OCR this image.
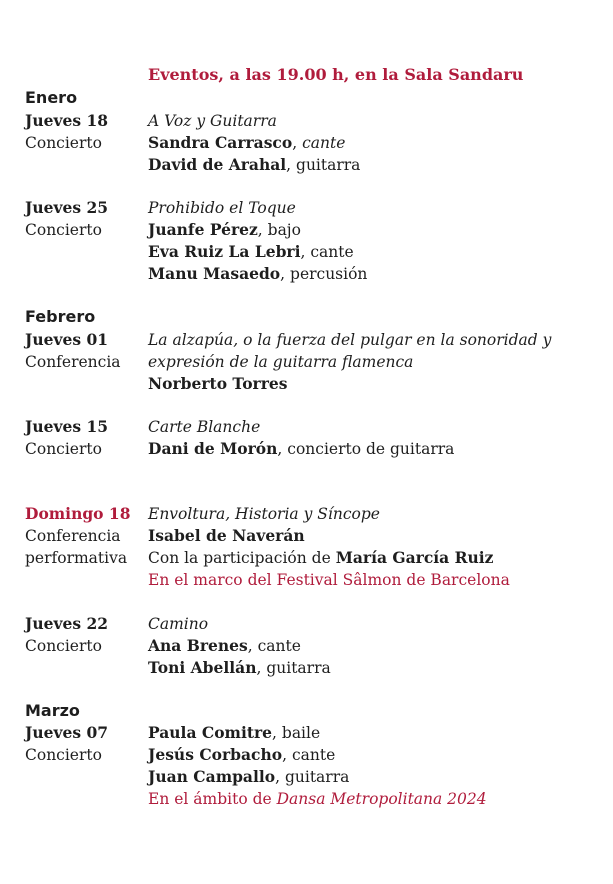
Eventos, a las 19.00 h, en la Sala Sandaru
Enero
Jueves 18
Concierto
A Voz y Guitarra
Sandra Carrasco, cante
David de Arahal, guitarra
Jueves 25
Concierto
Prohibido el Toque
Juanfe Pérez, bajo
Eva Ruiz La Lebri, cante
Manu Masaedo, percusión
Febrero
Jueves 01
Conferencia
La alzapúa, o la fuerza del pulgar en la sonoridad y expresión de la guitarra flamenca
Norberto Torres
Jueves 15
Concierto
Carte Blanche
Dani de Morón, concierto de guitarra
Domingo 18
Conferencia
performativa
Envoltura, Historia y Síncope
Isabel de Naverán
Con la participación de María García Ruiz
En el marco del Festival Sâlmon de Barcelona
Jueves 22
Concierto
Camino
Ana Brenes, cante
Toni Abellán, guitarra
Marzo
Jueves 07
Concierto
Paula Comitre, baile
Jesús Corbacho, cante
Juan Campallo, guitarra
En el ámbito de Dansa Metropolitana 2024
